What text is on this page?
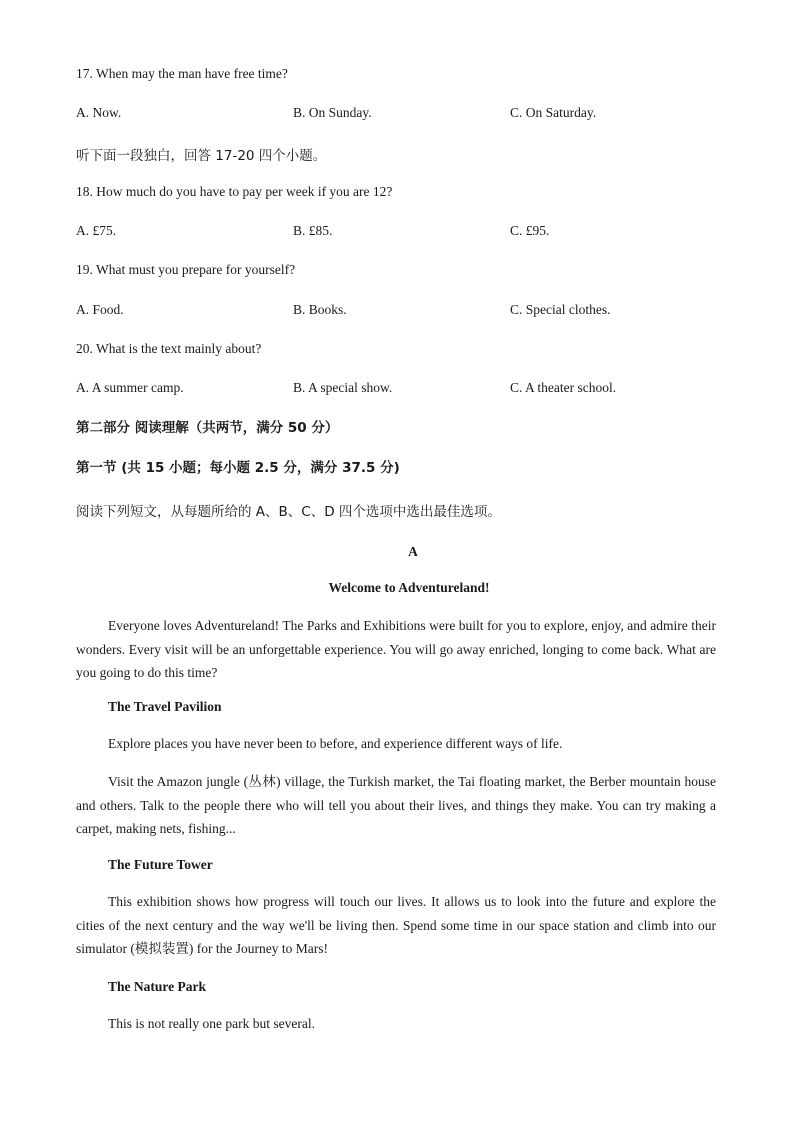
17. When may the man have free time?
A. Now.	B. On Sunday.	C. On Saturday.
听下面一段独白，回答 17-20 四个小题。
18. How much do you have to pay per week if you are 12?
A. £75.	B. £85.	C. £95.
19. What must you prepare for yourself?
A. Food.	B. Books.	C. Special clothes.
20. What is the text mainly about?
A. A summer camp.	B. A special show.	C. A theater school.
第二部分 阅读理解（共两节，满分 50 分）
第一节 (共 15 小题；每小题 2.5 分，满分 37.5 分)
阅读下列短文，从每题所给的 A、B、C、D 四个选项中选出最佳选项。
A
Welcome to Adventureland!
Everyone loves Adventureland! The Parks and Exhibitions were built for you to explore, enjoy, and admire their wonders. Every visit will be an unforgettable experience. You will go away enriched, longing to come back. What are you going to do this time?
The Travel Pavilion
Explore places you have never been to before, and experience different ways of life.
Visit the Amazon jungle (丛林) village, the Turkish market, the Tai floating market, the Berber mountain house and others. Talk to the people there who will tell you about their lives, and things they make. You can try making a carpet, making nets, fishing...
The Future Tower
This exhibition shows how progress will touch our lives. It allows us to look into the future and explore the cities of the next century and the way we'll be living then. Spend some time in our space station and climb into our simulator (模拟装置) for the Journey to Mars!
The Nature Park
This is not really one park but several.
